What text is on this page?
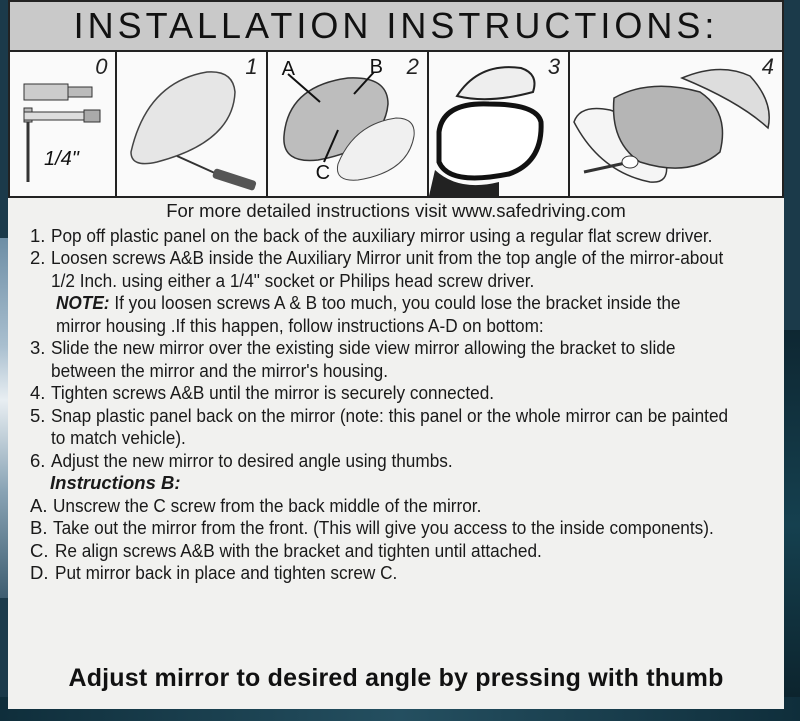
INSTALLATION INSTRUCTIONS:
0
1/4"
1	2
A	B
C
3	4
For more detailed instructions visit www.safedriving.com
1. Pop off plastic panel on the back of the auxiliary mirror using a regular flat screw driver.
2. Loosen screws A&B inside the Auxiliary Mirror unit from the top angle of the mirror-about 1/2 Inch. using either a 1/4" socket or Philips head screw driver.
NOTE: If you loosen screws A & B too much, you could lose the bracket inside the mirror housing .If this happen, follow instructions A-D on bottom:
3. Slide the new mirror over the existing side view mirror allowing the bracket to slide between the mirror and the mirror's housing.
4. Tighten screws A&B until the mirror is securely connected.
5. Snap plastic panel back on the mirror (note: this panel or the whole mirror can be painted to match vehicle).
6. Adjust the new mirror to desired angle using thumbs.
Instructions B:
A. Unscrew the C screw from the back middle of the mirror.
B. Take out the mirror from the front. (This will give you access to the inside components).
C. Re align screws A&B with the bracket and tighten until attached.
D. Put mirror back in place and tighten screw C.
Adjust mirror to desired angle by pressing with thumb
